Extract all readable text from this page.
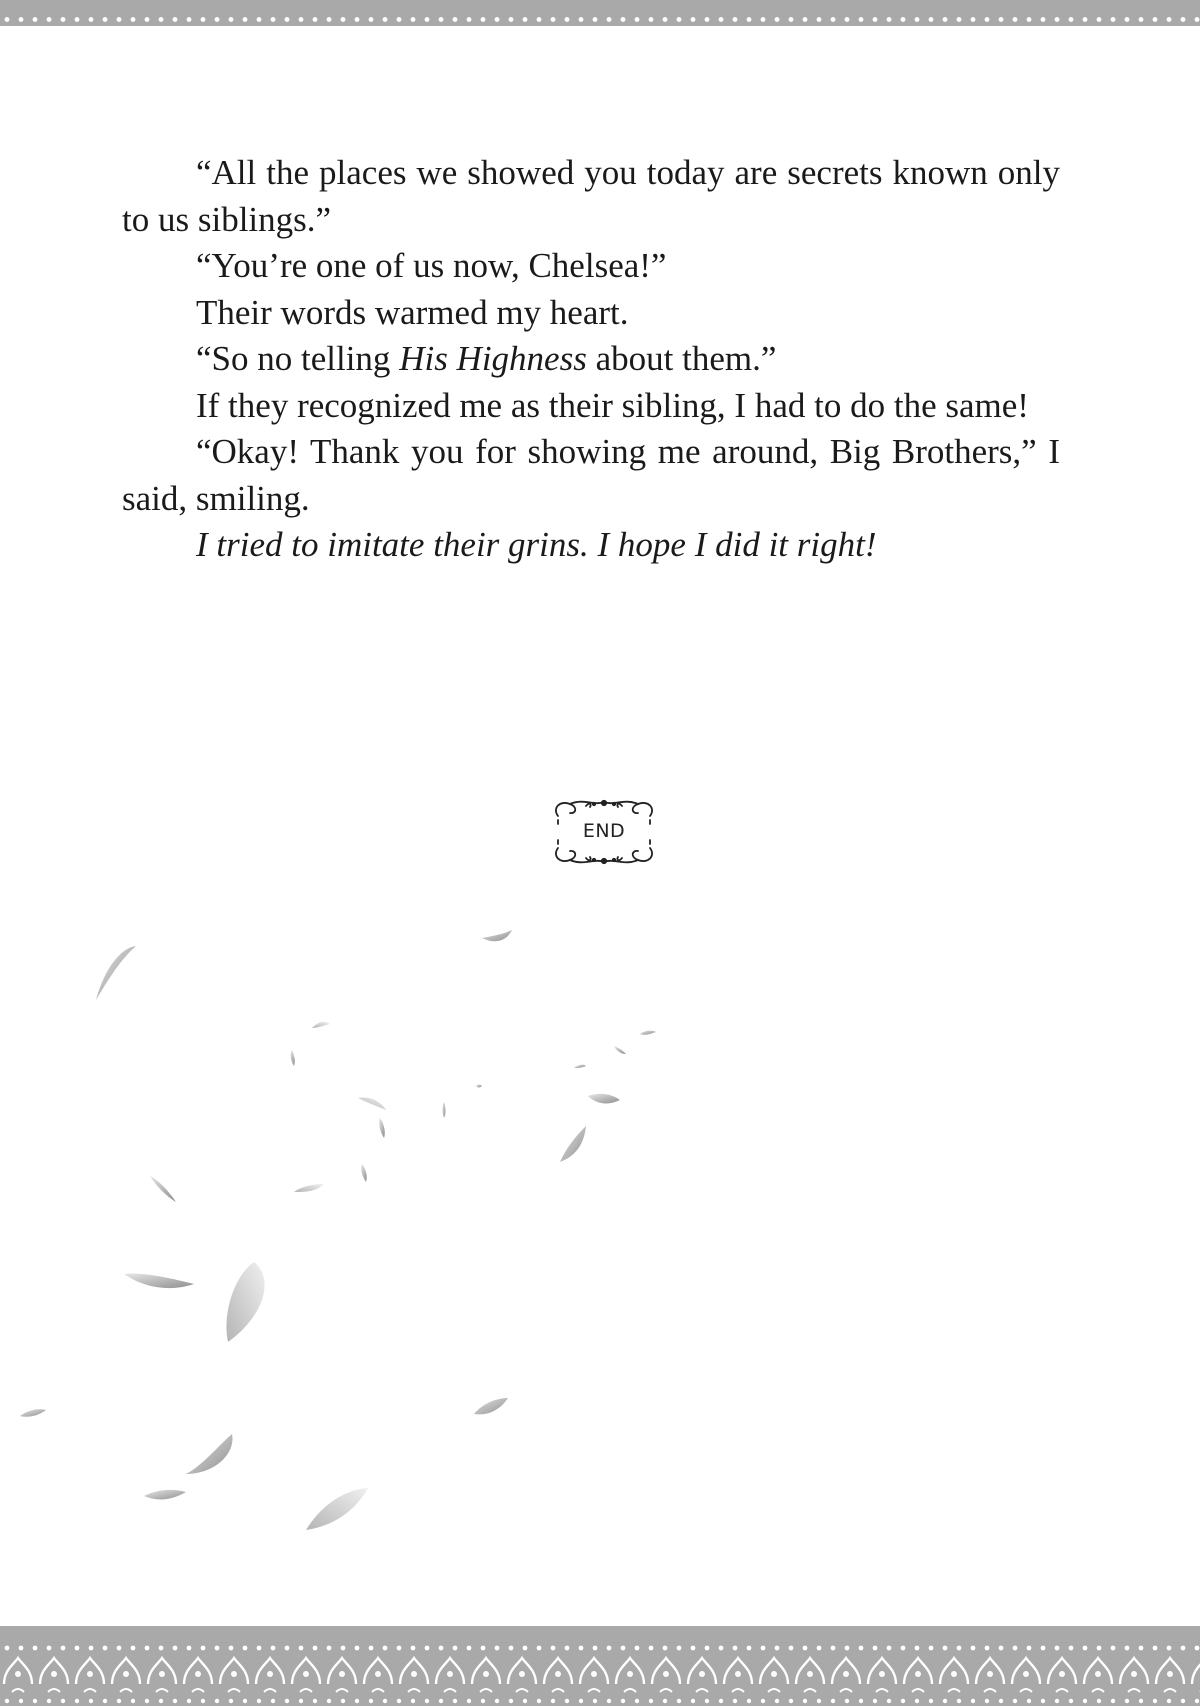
“All the places we showed you today are secrets known only to us siblings.”

“You’re one of us now, Chelsea!”

Their words warmed my heart.

“So no telling His Highness about them.”

If they recognized me as their sibling, I had to do the same!

“Okay! Thank you for showing me around, Big Brothers,” I said, smiling.

I tried to imitate their grins. I hope I did it right!

END
